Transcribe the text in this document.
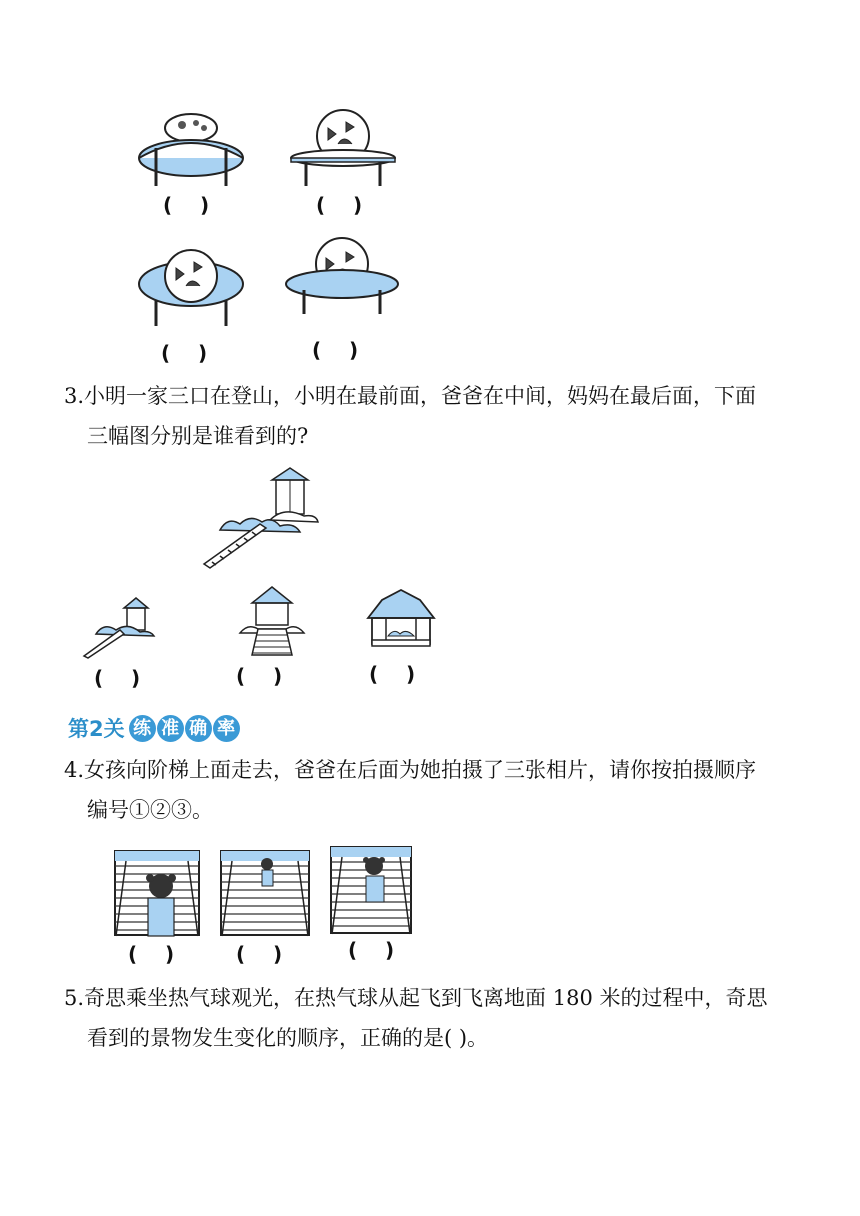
(    )	(    )
(    )	(    )
3.小明一家三口在登山，小明在最前面，爸爸在中间，妈妈在最后面，下面
三幅图分别是谁看到的?
(    )	(    )	(    )
第2关 练 准 确 率
4.女孩向阶梯上面走去，爸爸在后面为她拍摄了三张相片，请你按拍摄顺序
编号①②③。
(    )	(    )	(    )
5.奇思乘坐热气球观光，在热气球从起飞到飞离地面 180 米的过程中，奇思
看到的景物发生变化的顺序，正确的是( )。
